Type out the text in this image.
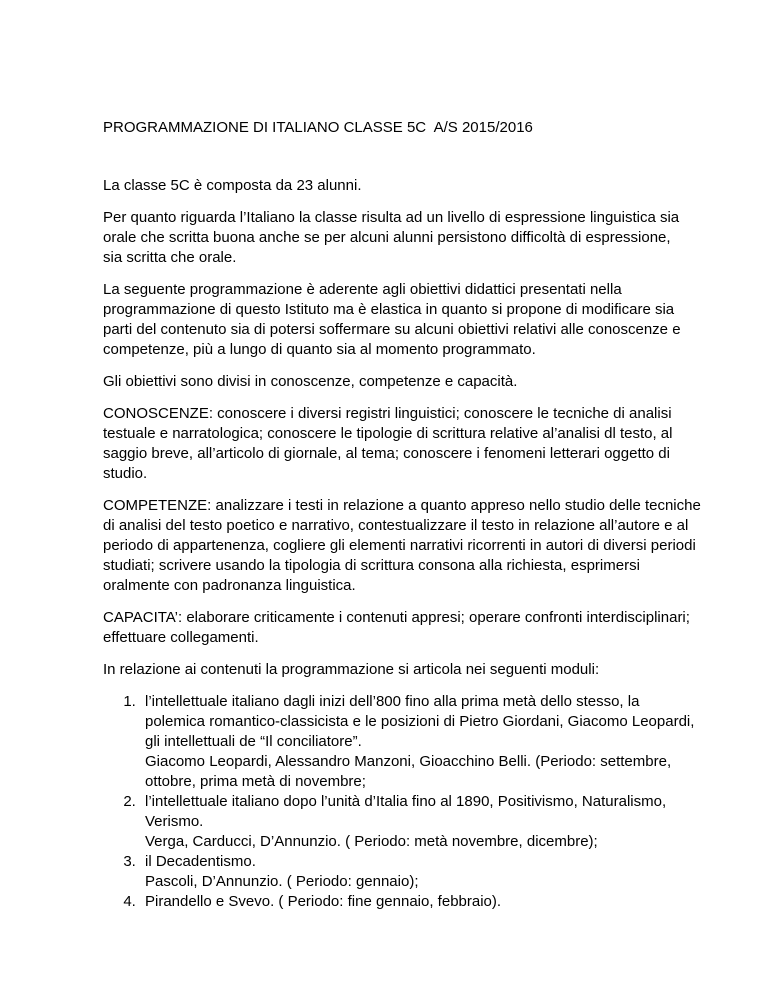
PROGRAMMAZIONE DI ITALIANO CLASSE 5C  A/S 2015/2016

La classe 5C è composta da 23 alunni.

Per quanto riguarda l’Italiano la classe risulta ad un livello di espressione linguistica sia
orale che scritta buona anche se per alcuni alunni persistono difficoltà di espressione,
sia scritta che orale.

La seguente programmazione è aderente agli obiettivi didattici presentati nella
programmazione di questo Istituto ma è elastica in quanto si propone di modificare sia
parti del contenuto sia di potersi soffermare su alcuni obiettivi relativi alle conoscenze e
competenze, più a lungo di quanto sia al momento programmato.

Gli obiettivi sono divisi in conoscenze, competenze e capacità.

CONOSCENZE: conoscere i diversi registri linguistici; conoscere le tecniche di analisi
testuale e narratologica; conoscere le tipologie di scrittura relative al’analisi dl testo, al
saggio breve, all’articolo di giornale, al tema; conoscere i fenomeni letterari oggetto di
studio.

COMPETENZE: analizzare i testi in relazione a quanto appreso nello studio delle tecniche
di analisi del testo poetico e narrativo, contestualizzare il testo in relazione all’autore e al
periodo di appartenenza, cogliere gli elementi narrativi ricorrenti in autori di diversi periodi
studiati; scrivere usando la tipologia di scrittura consona alla richiesta, esprimersi
oralmente con padronanza linguistica.

CAPACITA’: elaborare criticamente i contenuti appresi; operare confronti interdisciplinari;
effettuare collegamenti.

In relazione ai contenuti la programmazione si articola nei seguenti moduli:

1. l’intellettuale italiano dagli inizi dell’800 fino alla prima metà dello stesso, la
polemica romantico-classicista e le posizioni di Pietro Giordani, Giacomo Leopardi,
gli intellettuali de “Il conciliatore”.
Giacomo Leopardi, Alessandro Manzoni, Gioacchino Belli. (Periodo: settembre,
ottobre, prima metà di novembre;
2. l’intellettuale italiano dopo l’unità d’Italia fino al 1890, Positivismo, Naturalismo,
Verismo.
Verga, Carducci, D’Annunzio. ( Periodo: metà novembre, dicembre);
3. il Decadentismo.
Pascoli, D’Annunzio. ( Periodo: gennaio);
4. Pirandello e Svevo. ( Periodo: fine gennaio, febbraio).
